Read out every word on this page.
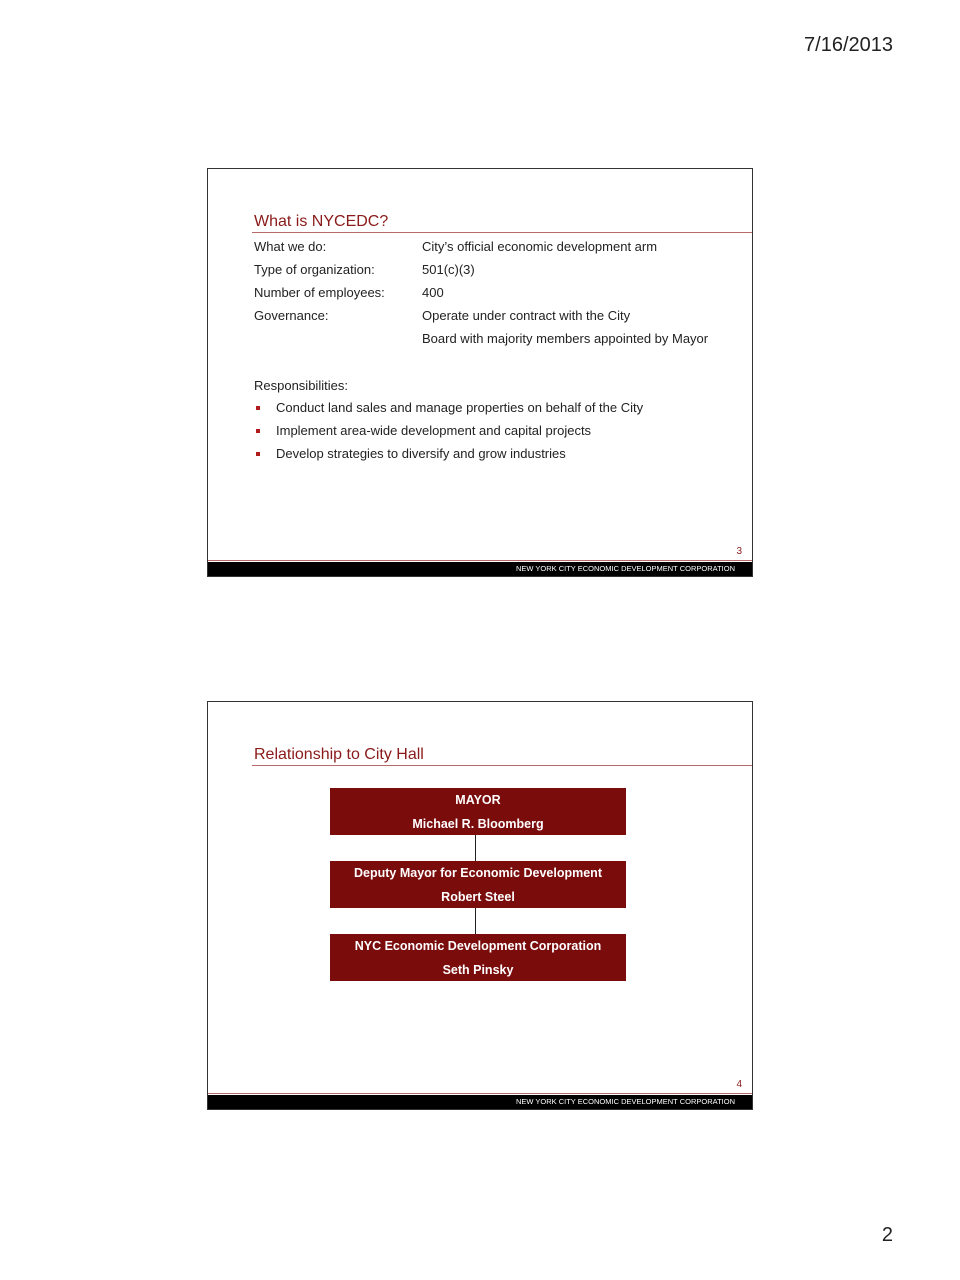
7/16/2013
What is NYCEDC?
What we do:	City’s official economic development arm
Type of organization:	501(c)(3)
Number of employees:	400
Governance:	Operate under contract with the City
Board with majority members appointed by Mayor
Responsibilities:
Conduct land sales and manage properties on behalf of the City
Implement area-wide development and capital projects
Develop strategies to diversify and grow industries
3
NEW YORK CITY ECONOMIC DEVELOPMENT CORPORATION
Relationship to City Hall
MAYOR
Michael R. Bloomberg
Deputy Mayor for Economic Development
Robert Steel
NYC Economic Development Corporation
Seth Pinsky
4
NEW YORK CITY ECONOMIC DEVELOPMENT CORPORATION
2
